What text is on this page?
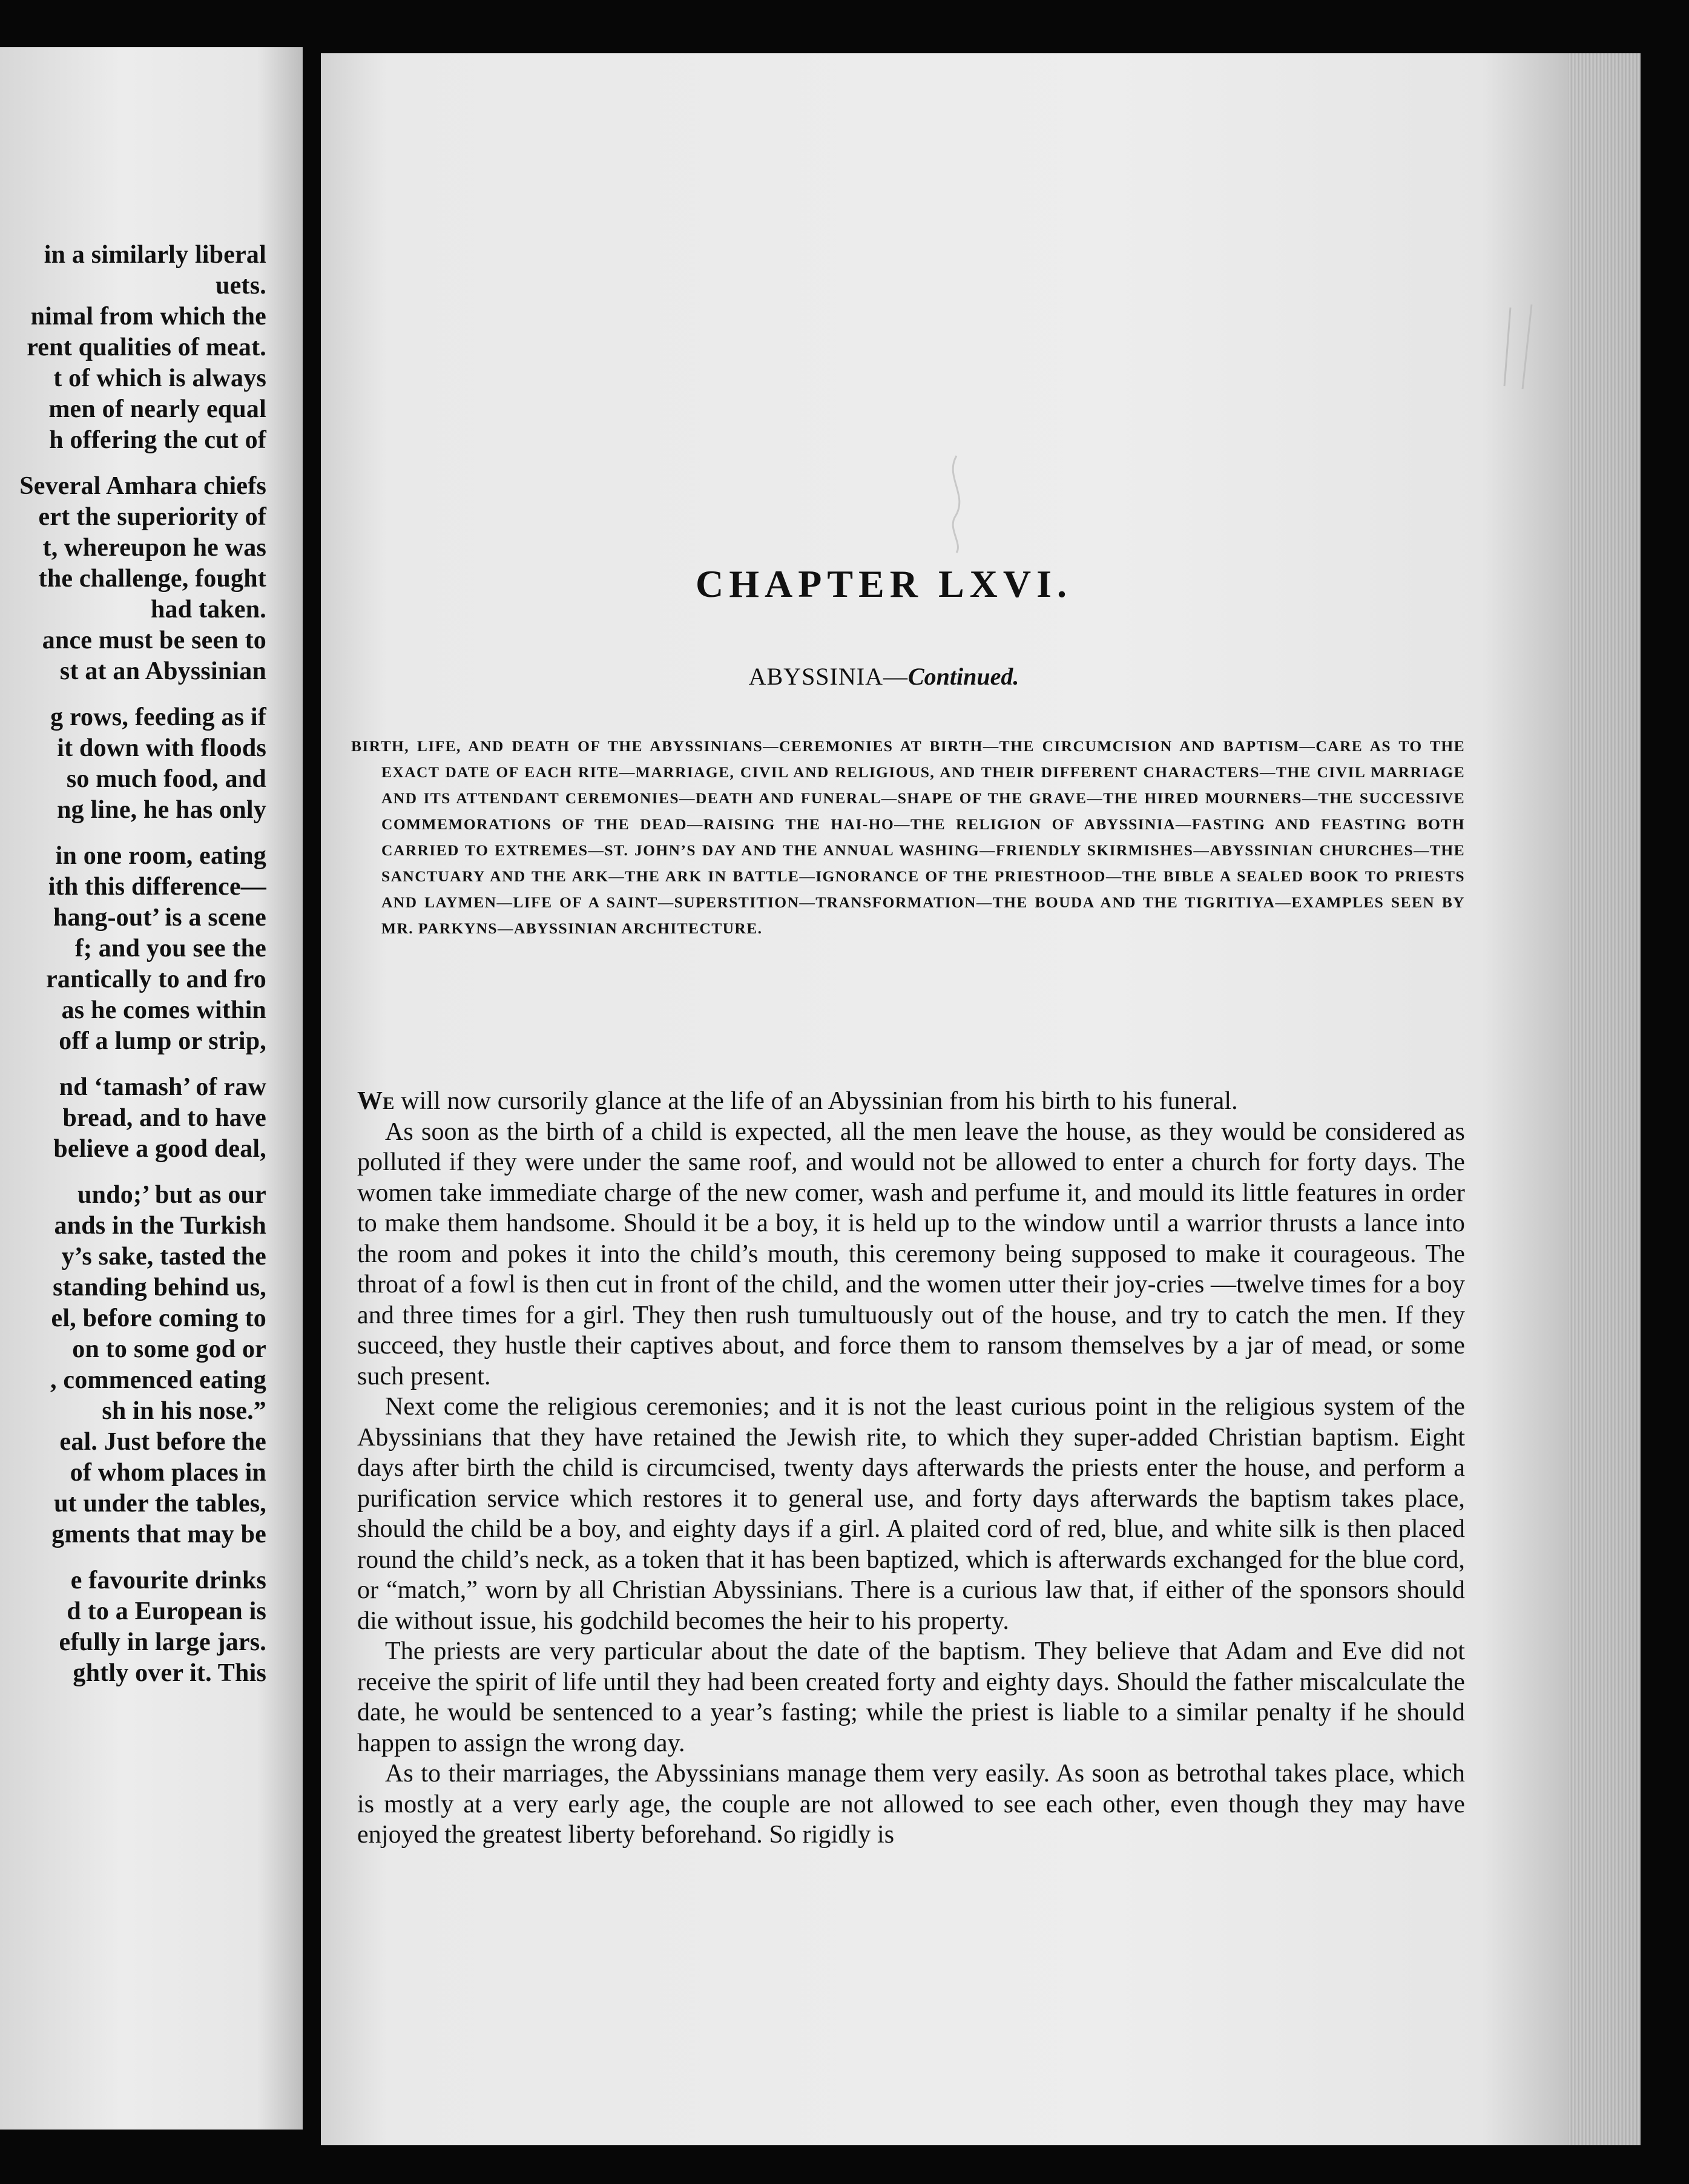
in a similarly liberal
uets.
nimal from which the
rent qualities of meat.
t of which is always
men of nearly equal
h offering the cut of
Several Amhara chiefs
ert the superiority of
t, whereupon he was
the challenge, fought
had taken.
ance must be seen to
st at an Abyssinian
g rows, feeding as if
it down with floods
so much food, and
ng line, he has only
in one room, eating
ith this difference—
hang-out’ is a scene
f; and you see the
rantically to and fro
as he comes within
off a lump or strip,
nd ‘tamash’ of raw
bread, and to have
believe a good deal,
undo;’ but as our
ands in the Turkish
y’s sake, tasted the
standing behind us,
el, before coming to
on to some god or
, commenced eating
sh in his nose.”
eal. Just before the
of whom places in
ut under the tables,
gments that may be
e favourite drinks
d to a European is
efully in large jars.
ghtly over it. This
CHAPTER LXVI.
ABYSSINIA—Continued.
BIRTH, LIFE, AND DEATH OF THE ABYSSINIANS—CEREMONIES AT BIRTH—THE CIRCUMCISION AND BAPTISM—CARE AS TO THE EXACT DATE OF EACH RITE—MARRIAGE, CIVIL AND RELIGIOUS, AND THEIR DIFFERENT CHARACTERS—THE CIVIL MARRIAGE AND ITS ATTENDANT CEREMONIES—DEATH AND FUNERAL—SHAPE OF THE GRAVE—THE HIRED MOURNERS—THE SUCCESSIVE COMMEMORATIONS OF THE DEAD—RAISING THE HAI-HO—THE RELIGION OF ABYSSINIA—FASTING AND FEASTING BOTH CARRIED TO EXTREMES—ST. JOHN’S DAY AND THE ANNUAL WASHING—FRIENDLY SKIRMISHES—ABYSSINIAN CHURCHES—THE SANCTUARY AND THE ARK—THE ARK IN BATTLE—IGNORANCE OF THE PRIESTHOOD—THE BIBLE A SEALED BOOK TO PRIESTS AND LAYMEN—LIFE OF A SAINT—SUPERSTITION—TRANSFORMATION—THE BOUDA AND THE TIGRITIYA—EXAMPLES SEEN BY MR. PARKYNS—ABYSSINIAN ARCHITECTURE.

We will now cursorily glance at the life of an Abyssinian from his birth to his funeral.

As soon as the birth of a child is expected, all the men leave the house, as they would be considered as polluted if they were under the same roof, and would not be allowed to enter a church for forty days. The women take immediate charge of the new comer, wash and perfume it, and mould its little features in order to make them handsome. Should it be a boy, it is held up to the window until a warrior thrusts a lance into the room and pokes it into the child’s mouth, this ceremony being supposed to make it courageous. The throat of a fowl is then cut in front of the child, and the women utter their joy-cries —twelve times for a boy and three times for a girl. They then rush tumultuously out of the house, and try to catch the men. If they succeed, they hustle their captives about, and force them to ransom themselves by a jar of mead, or some such present.

Next come the religious ceremonies; and it is not the least curious point in the religious system of the Abyssinians that they have retained the Jewish rite, to which they super-added Christian baptism. Eight days after birth the child is circumcised, twenty days afterwards the priests enter the house, and perform a purification service which restores it to general use, and forty days afterwards the baptism takes place, should the child be a boy, and eighty days if a girl. A plaited cord of red, blue, and white silk is then placed round the child’s neck, as a token that it has been baptized, which is afterwards exchanged for the blue cord, or “match,” worn by all Christian Abyssinians. There is a curious law that, if either of the sponsors should die without issue, his godchild becomes the heir to his property.

The priests are very particular about the date of the baptism. They believe that Adam and Eve did not receive the spirit of life until they had been created forty and eighty days. Should the father miscalculate the date, he would be sentenced to a year’s fasting; while the priest is liable to a similar penalty if he should happen to assign the wrong day.

As to their marriages, the Abyssinians manage them very easily. As soon as betrothal takes place, which is mostly at a very early age, the couple are not allowed to see each other, even though they may have enjoyed the greatest liberty beforehand. So rigidly is
